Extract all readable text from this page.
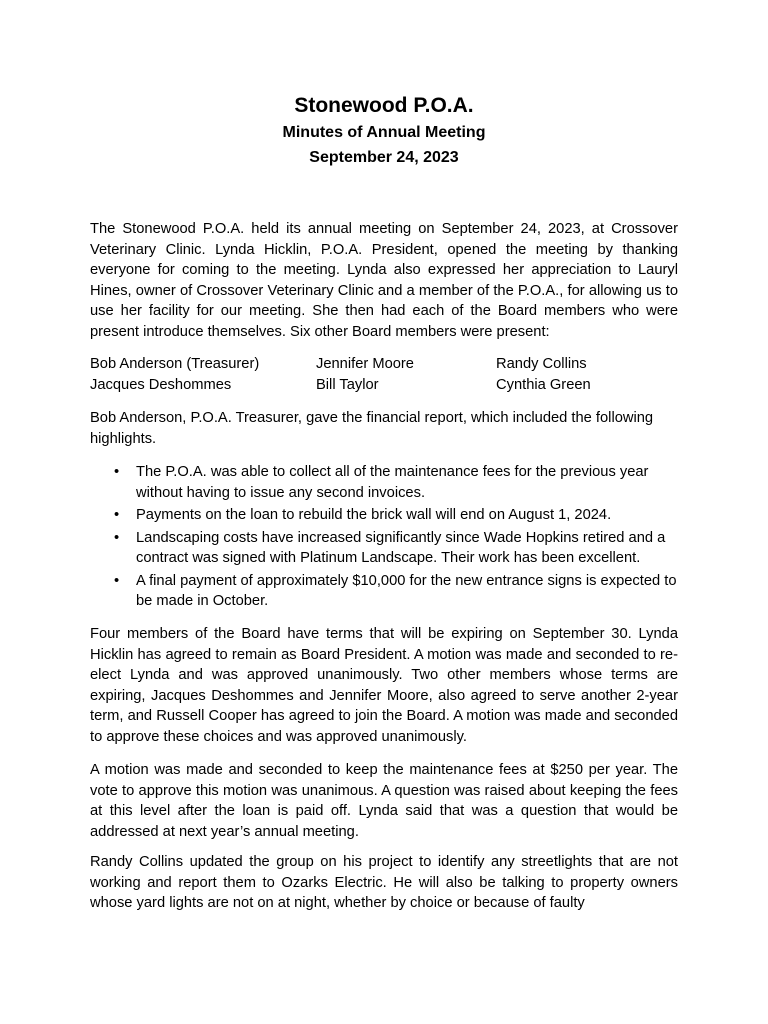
Stonewood P.O.A.
Minutes of Annual Meeting
September 24, 2023

The Stonewood P.O.A. held its annual meeting on September 24, 2023, at Crossover Veterinary Clinic. Lynda Hicklin, P.O.A. President, opened the meeting by thanking everyone for coming to the meeting. Lynda also expressed her appreciation to Lauryl Hines, owner of Crossover Veterinary Clinic and a member of the P.O.A., for allowing us to use her facility for our meeting. She then had each of the Board members who were present introduce themselves. Six other Board members were present:

Bob Anderson (Treasurer)	Jennifer Moore	Randy Collins
Jacques Deshommes	Bill Taylor	Cynthia Green

Bob Anderson, P.O.A. Treasurer, gave the financial report, which included the following highlights.

• The P.O.A. was able to collect all of the maintenance fees for the previous year without having to issue any second invoices.
• Payments on the loan to rebuild the brick wall will end on August 1, 2024.
• Landscaping costs have increased significantly since Wade Hopkins retired and a contract was signed with Platinum Landscape. Their work has been excellent.
• A final payment of approximately $10,000 for the new entrance signs is expected to be made in October.

Four members of the Board have terms that will be expiring on September 30. Lynda Hicklin has agreed to remain as Board President. A motion was made and seconded to re-elect Lynda and was approved unanimously. Two other members whose terms are expiring, Jacques Deshommes and Jennifer Moore, also agreed to serve another 2-year term, and Russell Cooper has agreed to join the Board. A motion was made and seconded to approve these choices and was approved unanimously.

A motion was made and seconded to keep the maintenance fees at $250 per year. The vote to approve this motion was unanimous. A question was raised about keeping the fees at this level after the loan is paid off. Lynda said that was a question that would be addressed at next year’s annual meeting.

Randy Collins updated the group on his project to identify any streetlights that are not working and report them to Ozarks Electric. He will also be talking to property owners whose yard lights are not on at night, whether by choice or because of faulty
